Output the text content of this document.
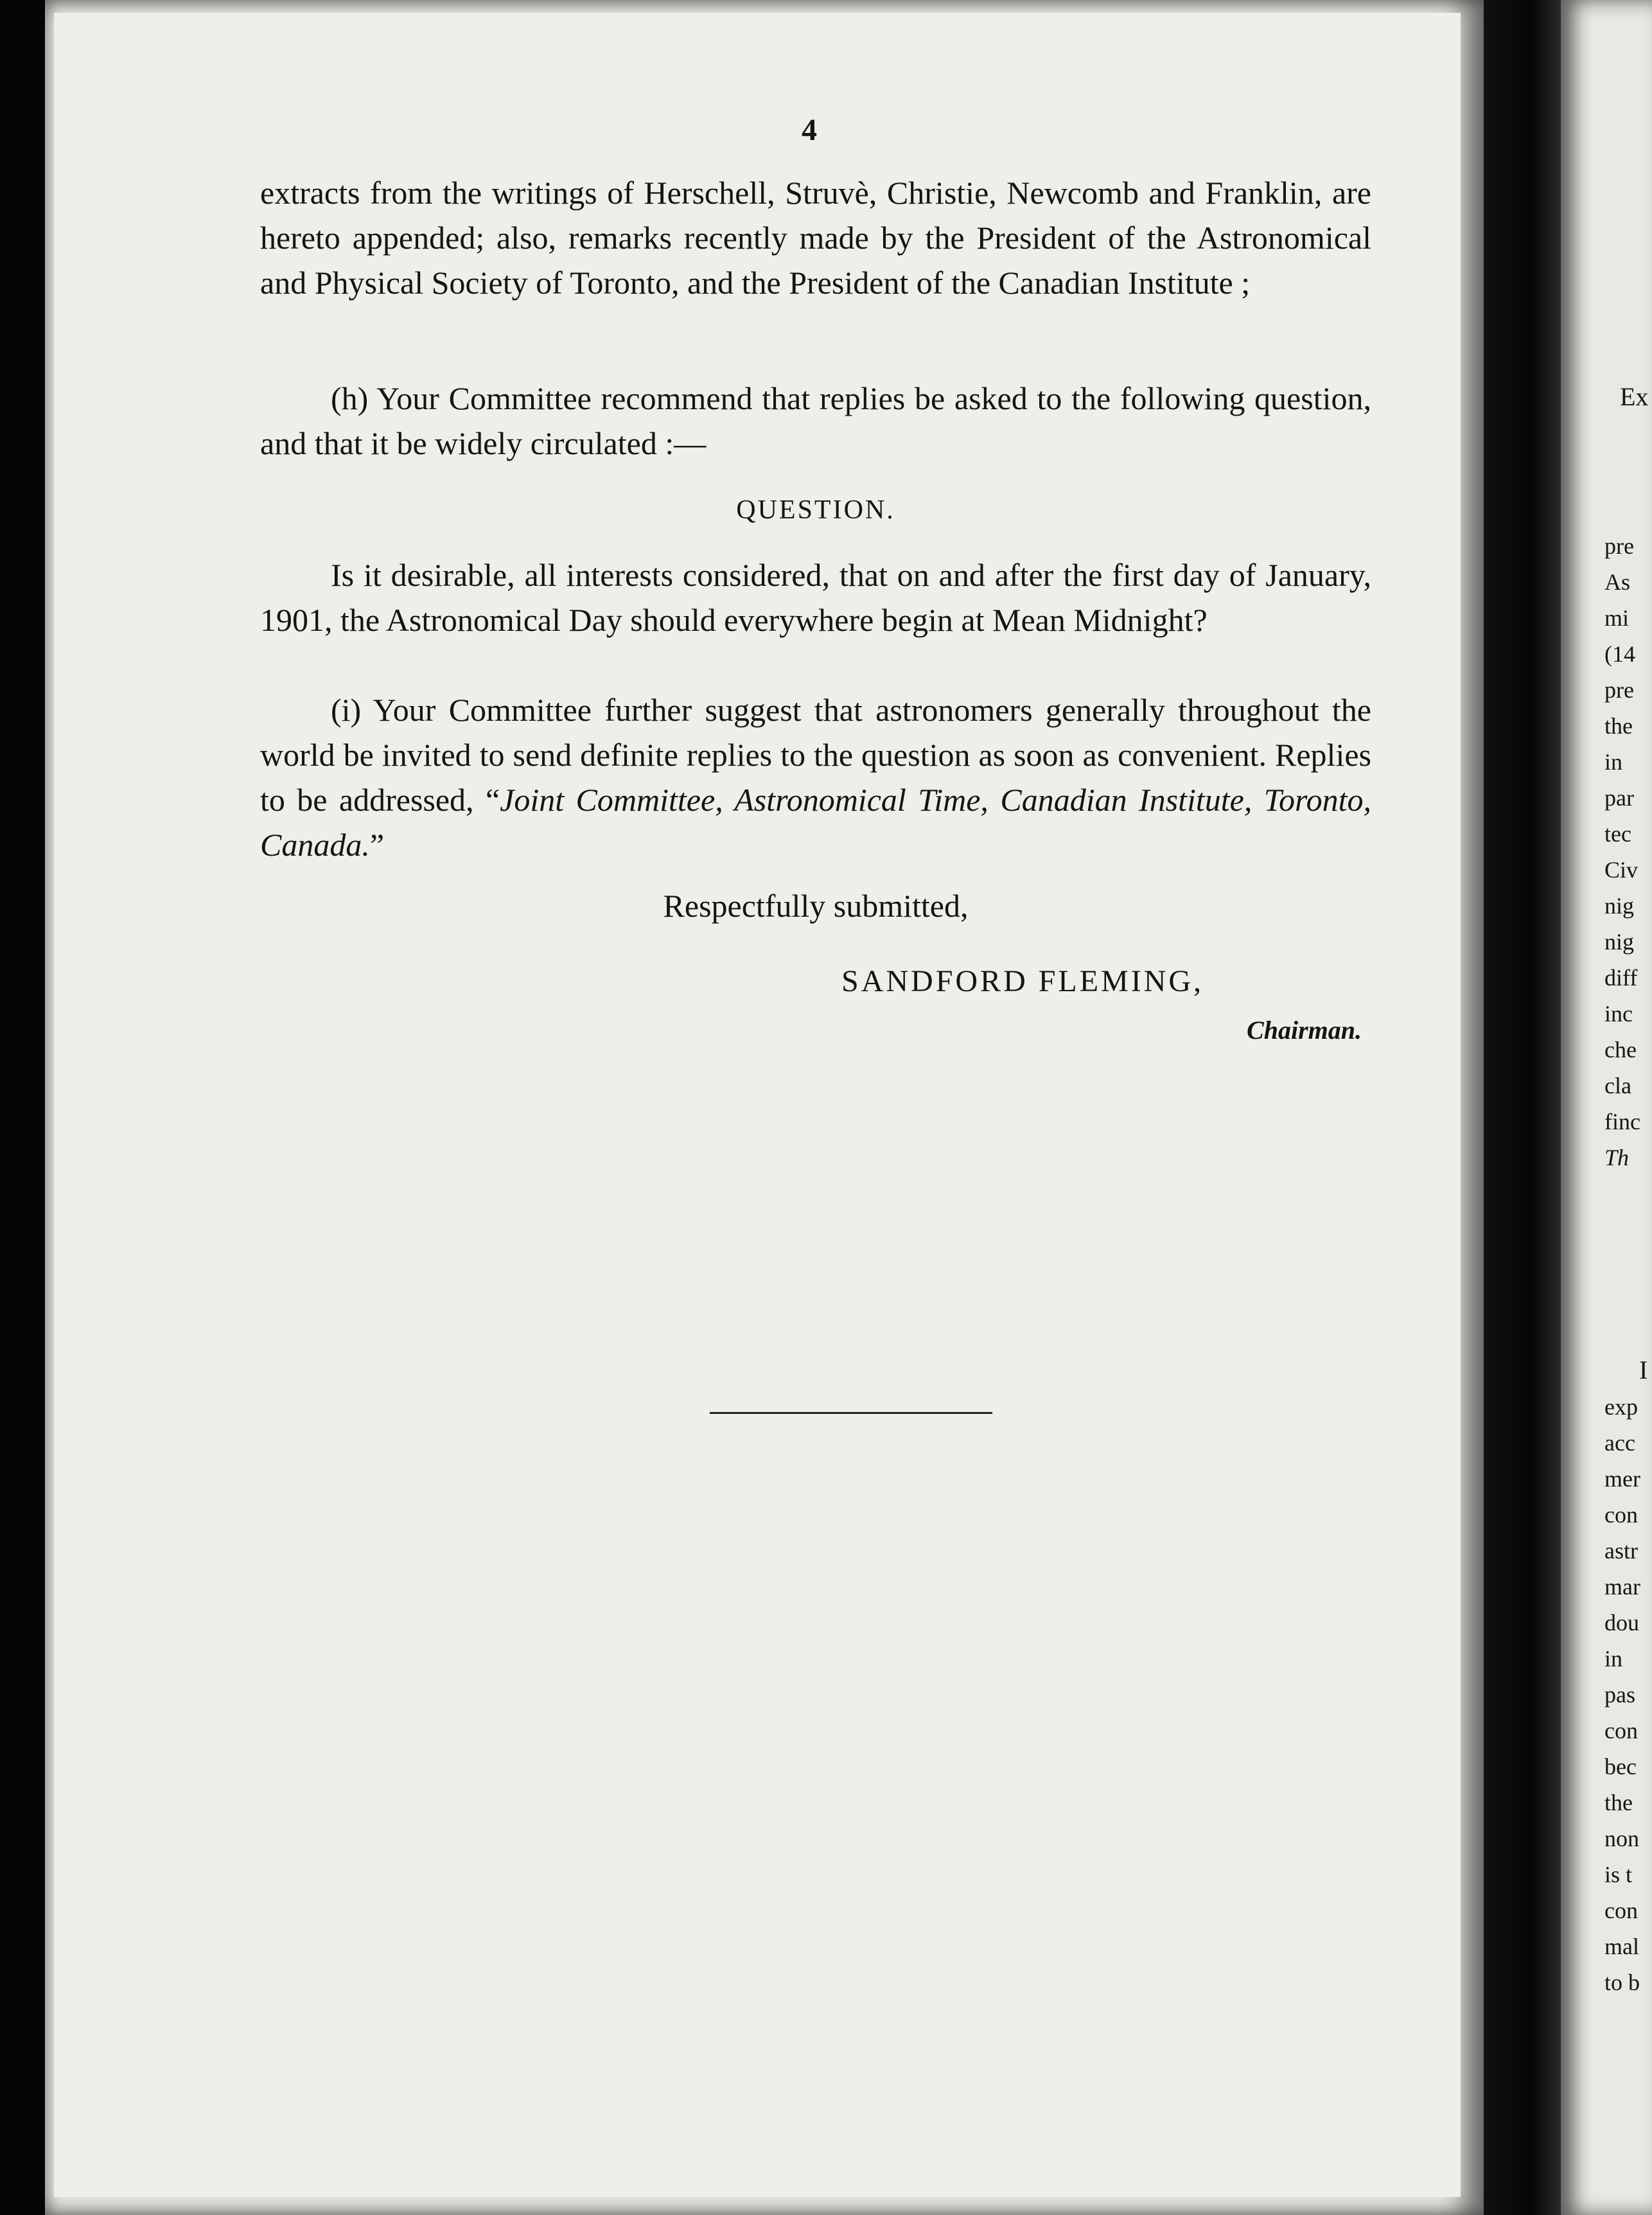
4
extracts from the writings of Herschell, Struvè, Christie, Newcomb and Franklin, are hereto appended; also, remarks recently made by the President of the Astronomical and Physical Society of Toronto, and the President of the Canadian Institute ;
(h) Your Committee recommend that replies be asked to the following question, and that it be widely circulated :—
QUESTION.
Is it desirable, all interests considered, that on and after the first day of January, 1901, the Astronomical Day should everywhere begin at Mean Midnight?
(i) Your Committee further suggest that astronomers generally throughout the world be invited to send definite replies to the question as soon as convenient. Replies to be addressed, “Joint Committee, Astronomical Time, Canadian Institute, Toronto, Canada.”
Respectfully submitted,
SANDFORD FLEMING,
Chairman.
Ex
pre
As
mi
(14
pre
the
in
par
tec
Civ
nig
nig
diff
inc
che
cla
finc
Th
I
exp
acc
mer
con
astr
mar
dou
in
pas
con
bec
the
non
is t
con
mal
to b
